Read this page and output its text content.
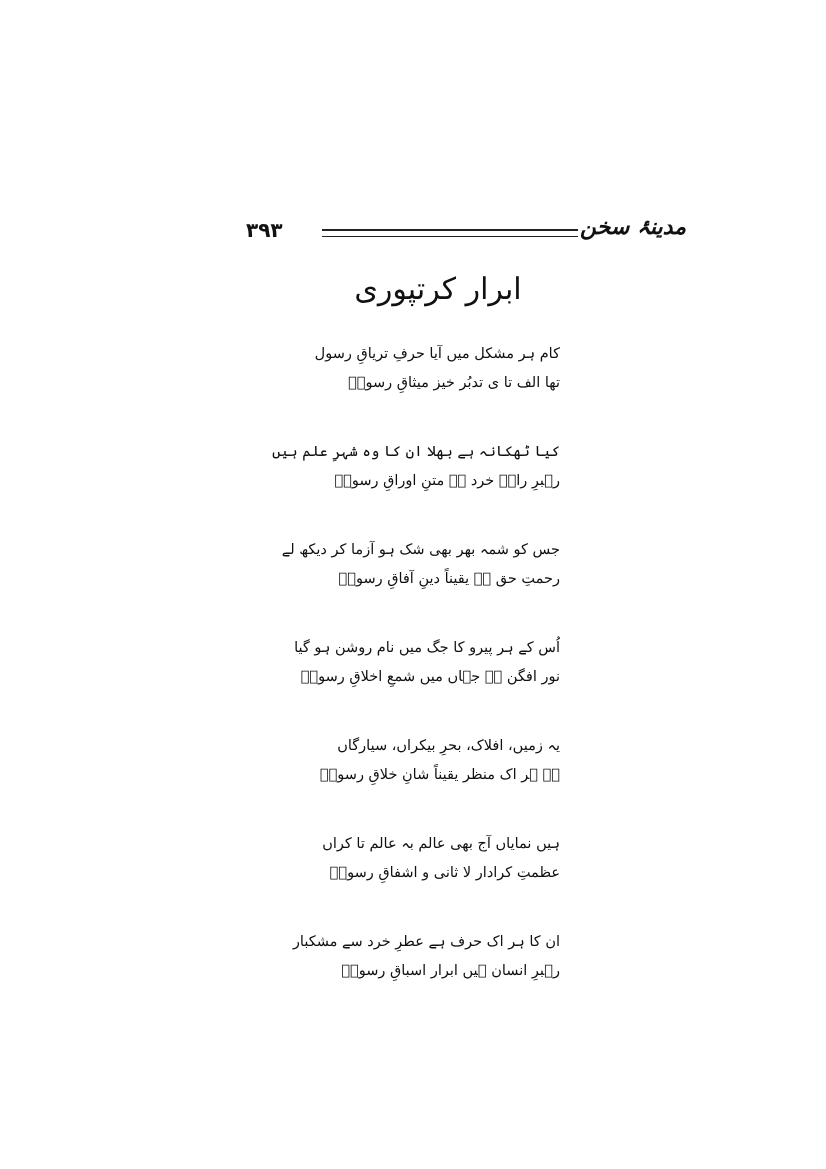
۳۹۳	مدینۂ سخن
ابرار کرتپوری
کام ہر مشکل میں آیا حرفِ تریاقِ رسول
تھا الف تا ی تدبُر خیز میثاقِ رسولؐ
کیا ٹھکانہ ہے بھلا ان کا وہ شہرِ علم ہیں
رہبرِ راہِ خرد ہے متنِ اوراقِ رسولؐ
جس کو شمہ بھر بھی شک ہو آزما کر دیکھ لے
رحمتِ حق ہے یقیناً دینِ آفاقِ رسولؐ
اُس کے ہر پیرو کا جگ میں نام روشن ہو گیا
نور افگن ہے جہاں میں شمعِ اخلاقِ رسولؐ
یہ زمیں، افلاک، بحرِ بیکراں، سیارگاں
ہے ہر اک منظر یقیناً شانِ خلاقِ رسولؐ
ہیں نمایاں آج بھی عالم بہ عالم تا کراں
عظمتِ کرادار لا ثانی و اشفاقِ رسولؐ
ان کا ہر اک حرف ہے عطرِ خرد سے مشکبار
رہبرِ انسان ہیں ابرار اسباقِ رسولؐ
